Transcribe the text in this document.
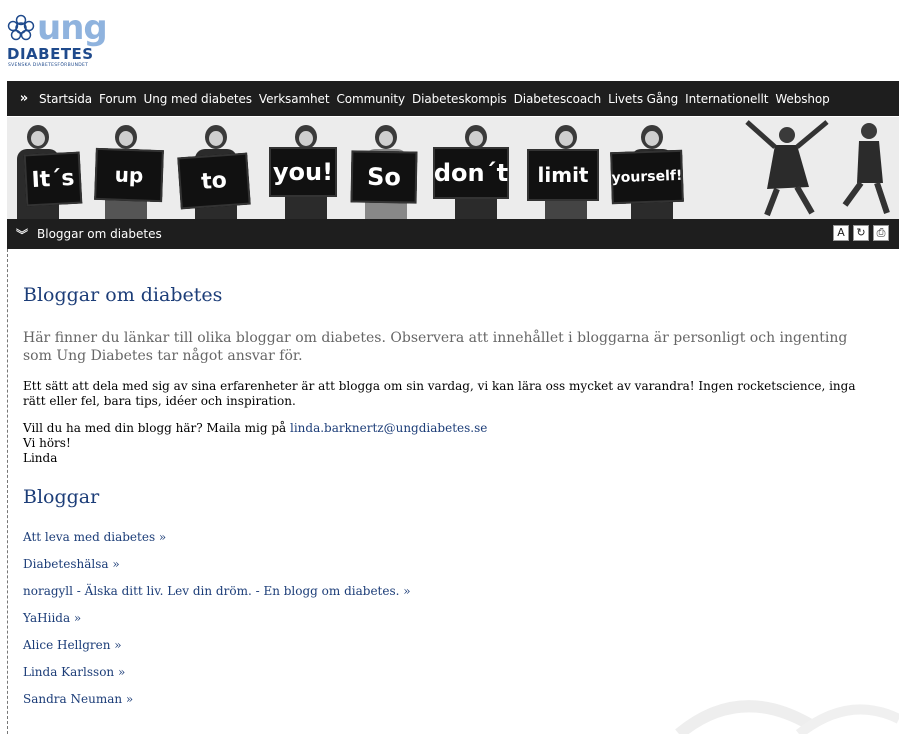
ung
DIABETES
SVENSKA DIABETESFÖRBUNDET
» Startsida Forum Ung med diabetes Verksamhet Community Diabeteskompis Diabetescoach Livets Gång Internationellt Webshop
It´s	up	to	you!	So	don´t	limit	yourself!
︾ Bloggar om diabetes	A	↻ ⎙
Bloggar om diabetes

Här finner du länkar till olika bloggar om diabetes. Observera att innehållet i bloggarna är personligt och ingenting som Ung Diabetes tar något ansvar för.

Ett sätt att dela med sig av sina erfarenheter är att blogga om sin vardag, vi kan lära oss mycket av varandra! Ingen rocketscience, inga rätt eller fel, bara tips, idéer och inspiration.

Vill du ha med din blogg här? Maila mig på linda.barknertz@ungdiabetes.se
Vi hörs!
Linda

Bloggar
Att leva med diabetes »
Diabeteshälsa »
noragyll - Älska ditt liv. Lev din dröm. - En blogg om diabetes. »
YaHiida »
Alice Hellgren »
Linda Karlsson »
Sandra Neuman »
